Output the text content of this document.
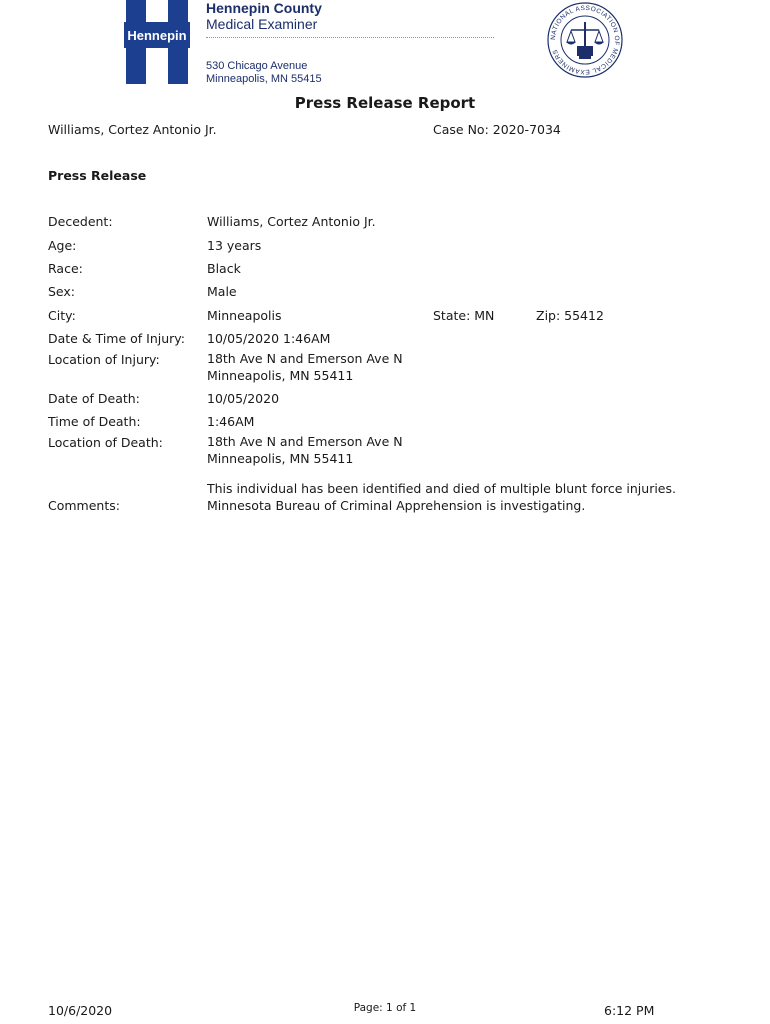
Hennepin
Hennepin County
Medical Examiner
530 Chicago Avenue
Minneapolis, MN 55415
NATIONAL ASSOCIATION OF MEDICAL EXAMINERS
Press Release Report
Williams, Cortez Antonio Jr.	Case No: 2020-7034
Press Release
Decedent:	Williams, Cortez Antonio Jr.
Age:	13 years
Race:	Black
Sex:	Male
City:	Minneapolis	State: MN	Zip: 55412
Date & Time of Injury: 10/05/2020 1:46AM
Location of Injury:	18th Ave N and Emerson Ave N
Minneapolis, MN 55411
Date of Death:	10/05/2020
Time of Death:	1:46AM
Location of Death:	18th Ave N and Emerson Ave N
Minneapolis, MN 55411
Comments:
This individual has been identified and died of multiple blunt force injuries.
Minnesota Bureau of Criminal Apprehension is investigating.
10/6/2020	Page: 1 of 1	6:12 PM
